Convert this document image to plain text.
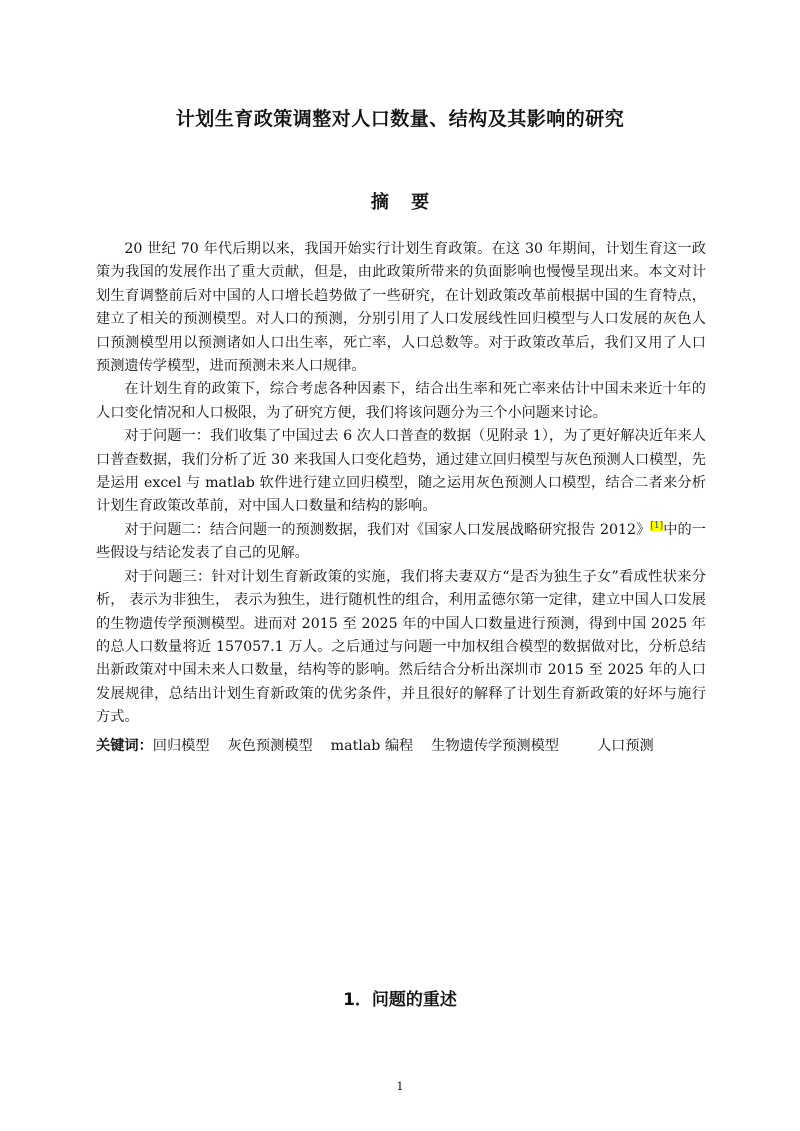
计划生育政策调整对人口数量、结构及其影响的研究
摘 要

20 世纪 70 年代后期以来，我国开始实行计划生育政策。在这 30 年期间，计划生育这一政策为我国的发展作出了重大贡献，但是，由此政策所带来的负面影响也慢慢呈现出来。本文对计划生育调整前后对中国的人口增长趋势做了一些研究，在计划政策改革前根据中国的生育特点，建立了相关的预测模型。对人口的预测，分别引用了人口发展线性回归模型与人口发展的灰色人口预测模型用以预测诸如人口出生率，死亡率，人口总数等。对于政策改革后，我们又用了人口预测遗传学模型，进而预测未来人口规律。

在计划生育的政策下，综合考虑各种因素下，结合出生率和死亡率来估计中国未来近十年的人口变化情况和人口极限，为了研究方便，我们将该问题分为三个小问题来讨论。

对于问题一：我们收集了中国过去 6 次人口普查的数据（见附录 1），为了更好解决近年来人口普查数据，我们分析了近 30 来我国人口变化趋势，通过建立回归模型与灰色预测人口模型，先是运用 excel 与 matlab 软件进行建立回归模型，随之运用灰色预测人口模型，结合二者来分析计划生育政策改革前，对中国人口数量和结构的影响。

对于问题二：结合问题一的预测数据，我们对《国家人口发展战略研究报告 2012》[1]中的一些假设与结论发表了自己的见解。

对于问题三：针对计划生育新政策的实施，我们将夫妻双方“是否为独生子女”看成性状来分析， 表示为非独生， 表示为独生，进行随机性的组合，利用孟德尔第一定律，建立中国人口发展的生物遗传学预测模型。进而对 2015 至 2025 年的中国人口数量进行预测，得到中国 2025 年的总人口数量将近 157057.1 万人。之后通过与问题一中加权组合模型的数据做对比，分析总结出新政策对中国未来人口数量，结构等的影响。然后结合分析出深圳市 2015 至 2025 年的人口发展规律，总结出计划生育新政策的优劣条件，并且很好的解释了计划生育新政策的好坏与施行方式。

关键词：回归模型 灰色预测模型 matlab 编程 生物遗传学预测模型	人口预测
1．问题的重述
1
